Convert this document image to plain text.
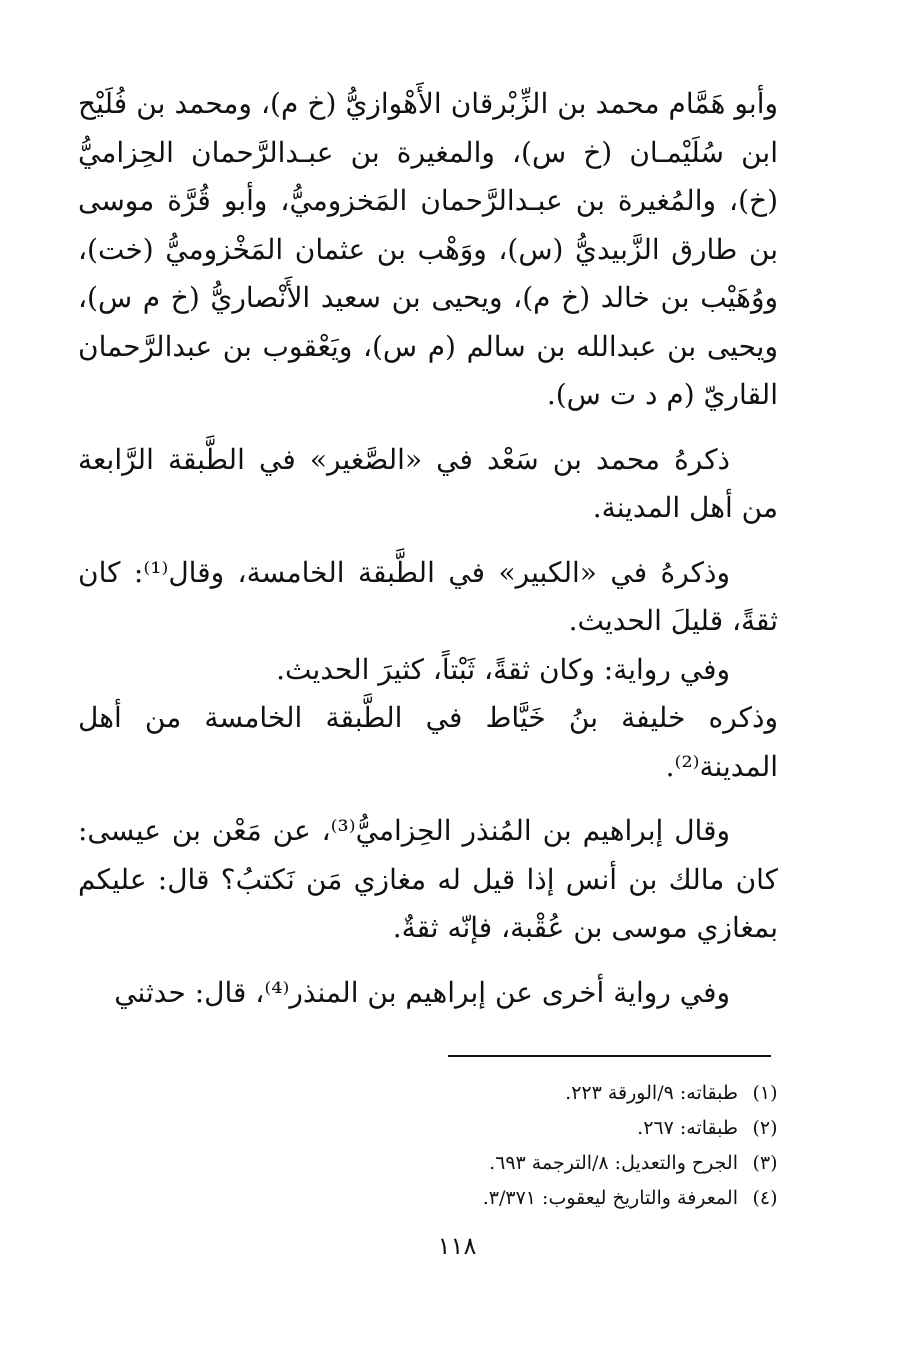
وأبو هَمَّام محمد بن الزِّبْرقان الأَهْوازيُّ (خ م)، ومحمد بن فُلَيْح ابن سُلَيْمـان (خ س)، والمغيرة بن عبـدالرَّحمان الحِزاميُّ (خ)، والمُغيرة بن عبـدالرَّحمان المَخزوميُّ، وأبو قُرَّة موسى بن طارق الزَّبيديُّ (س)، ووَهْب بن عثمان المَخْزوميُّ (خت)، ووُهَيْب بن خالد (خ م)، ويحيى بن سعيد الأَنْصاريُّ (خ م س)، ويحيى بن عبدالله بن سالم (م س)، ويَعْقوب بن عبدالرَّحمان القاريّ (م د ت س).

ذكرهُ محمد بن سَعْد في «الصَّغير» في الطَّبقة الرَّابعة من أهل المدينة.

وذكرهُ في «الكبير» في الطَّبقة الخامسة، وقال⁽¹⁾: كان ثقةً، قليلَ الحديث.

وفي رواية: وكان ثقةً، ثَبْتاً، كثيرَ الحديث.

وذكره خليفة بنُ خَيَّاط في الطَّبقة الخامسة من أهل المدينة⁽²⁾.

وقال إبراهيم بن المُنذر الحِزاميُّ⁽³⁾، عن مَعْن بن عيسى: كان مالك بن أنس إذا قيل له مغازي مَن نَكتبُ؟ قال: عليكم بمغازي موسى بن عُقْبة، فإنّه ثقةٌ.

وفي رواية أخرى عن إبراهيم بن المنذر⁽⁴⁾، قال: حدثني

(١)
طبقاته: ٩/الورقة ٢٢٣.

(٢)
طبقاته: ٢٦٧.

(٣)
الجرح والتعديل: ٨/الترجمة ٦٩٣.

(٤)
المعرفة والتاريخ ليعقوب: ٣/٣٧١.

١١٨
